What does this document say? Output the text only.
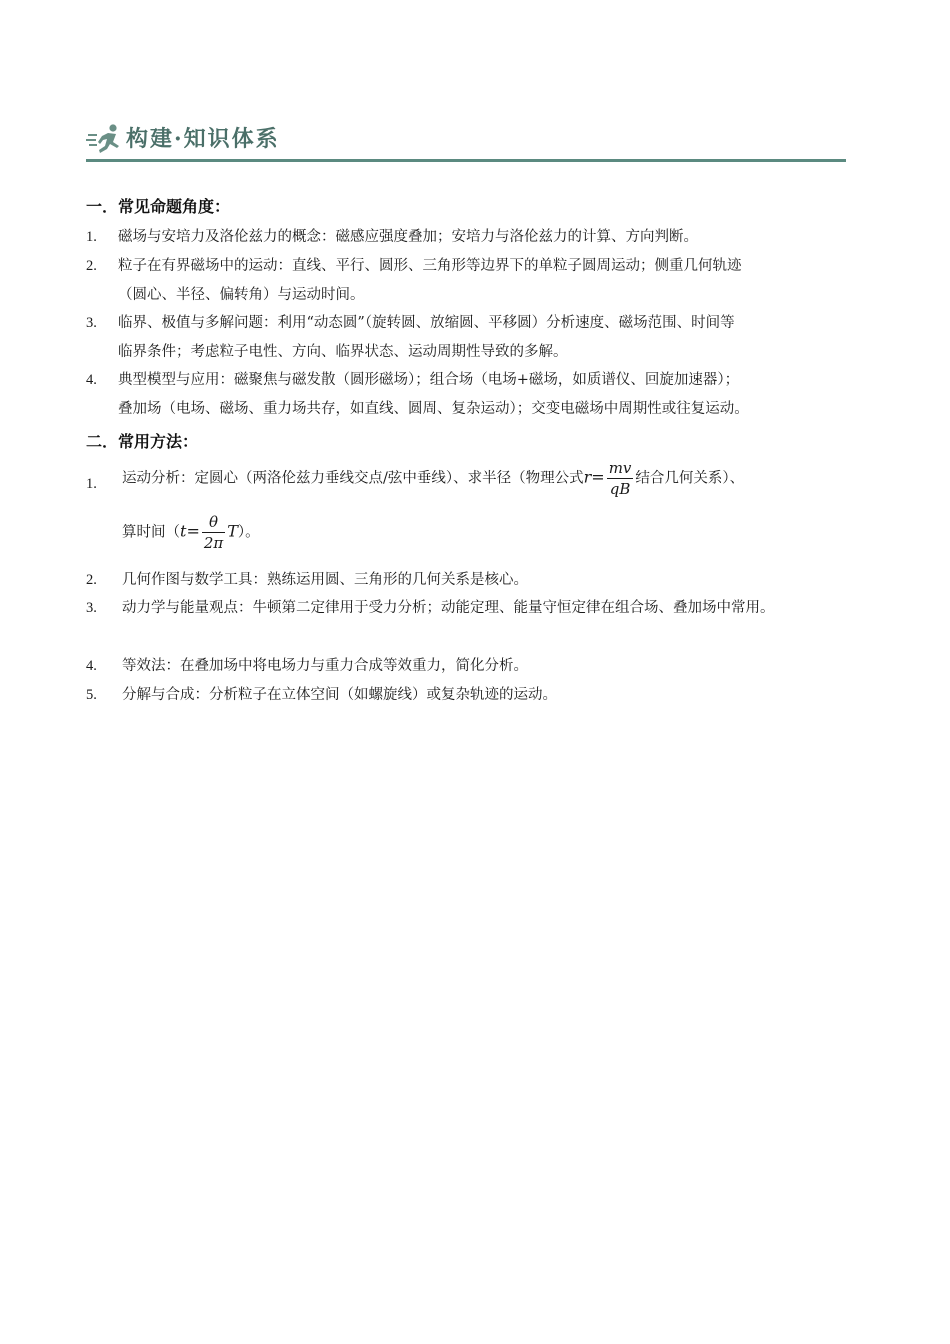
构建·知识体系
一．常见命题角度：
1.	磁场与安培力及洛伦兹力的概念：磁感应强度叠加；安培力与洛伦兹力的计算、方向判断。
2.	粒子在有界磁场中的运动：直线、平行、圆形、三角形等边界下的单粒子圆周运动；侧重几何轨迹
（圆心、半径、偏转角）与运动时间。
3.	临界、极值与多解问题：利用“动态圆”（旋转圆、放缩圆、平移圆）分析速度、磁场范围、时间等
临界条件；考虑粒子电性、方向、临界状态、运动周期性导致的多解。
4.	典型模型与应用：磁聚焦与磁发散（圆形磁场）；组合场（电场+磁场，如质谱仪、回旋加速器）；
叠加场（电场、磁场、重力场共存，如直线、圆周、复杂运动）；交变电磁场中周期性或往复运动。
二．常用方法：
1.	运动分析：定圆心（两洛伦兹力垂线交点/弦中垂线）、求半径（物理公式$r= \frac{mv}{qB}$ 结合几何关系）、
算时间$(t= \frac{\theta}{2\pi} T)$。
2.	几何作图与数学工具：熟练运用圆、三角形的几何关系是核心。
3.	动力学与能量观点：牛顿第二定律用于受力分析；动能定理、能量守恒定律在组合场、叠加场中常用。
4.	等效法：在叠加场中将电场力与重力合成等效重力，简化分析。
5.	分解与合成：分析粒子在立体空间（如螺旋线）或复杂轨迹的运动。
